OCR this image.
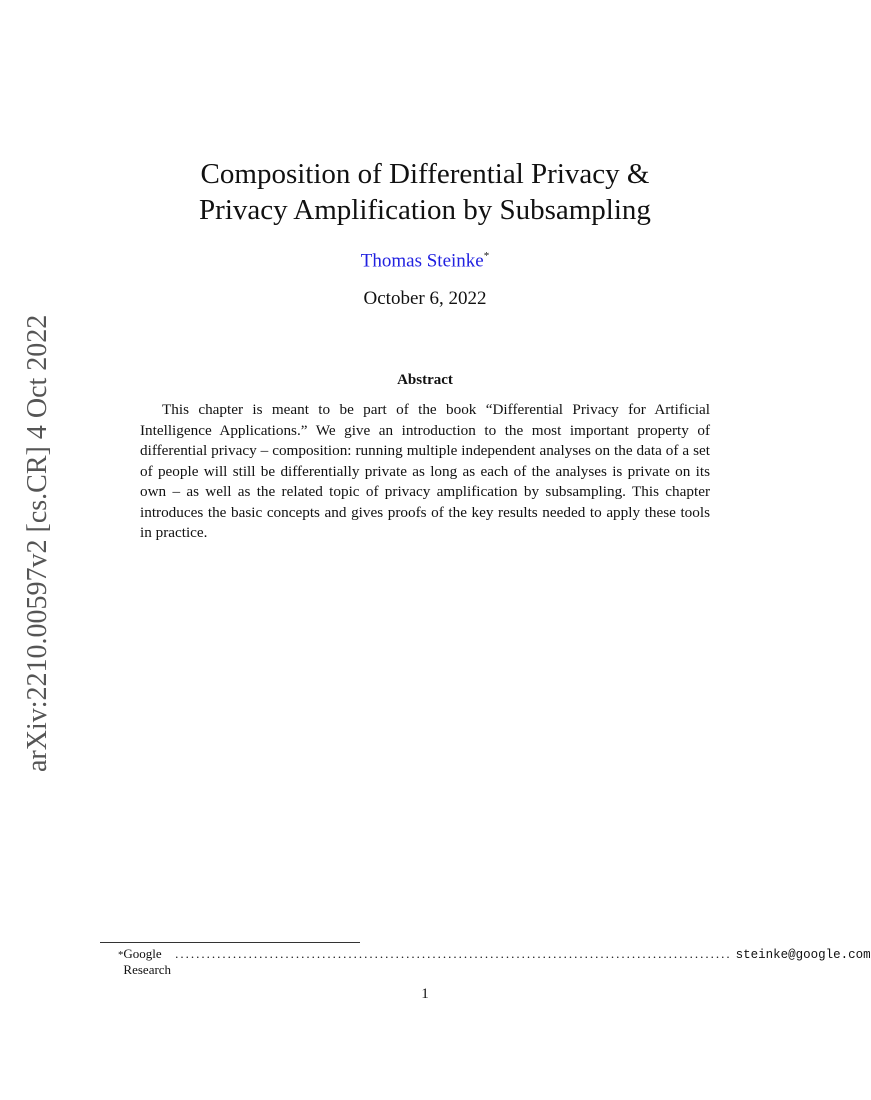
arXiv:2210.00597v2 [cs.CR] 4 Oct 2022
Composition of Differential Privacy &
Privacy Amplification by Subsampling
Thomas Steinke*
October 6, 2022
Abstract
This chapter is meant to be part of the book “Differential Privacy for Artificial Intelligence Applications.” We give an introduction to the most important property of differential privacy – composition: running multiple independent analyses on the data of a set of people will still be differentially private as long as each of the analyses is private on its own – as well as the related topic of privacy amplification by subsampling. This chapter introduces the basic concepts and gives proofs of the key results needed to apply these tools in practice.
* Google Research
.......................................................................................................... steinke@google.com
1
